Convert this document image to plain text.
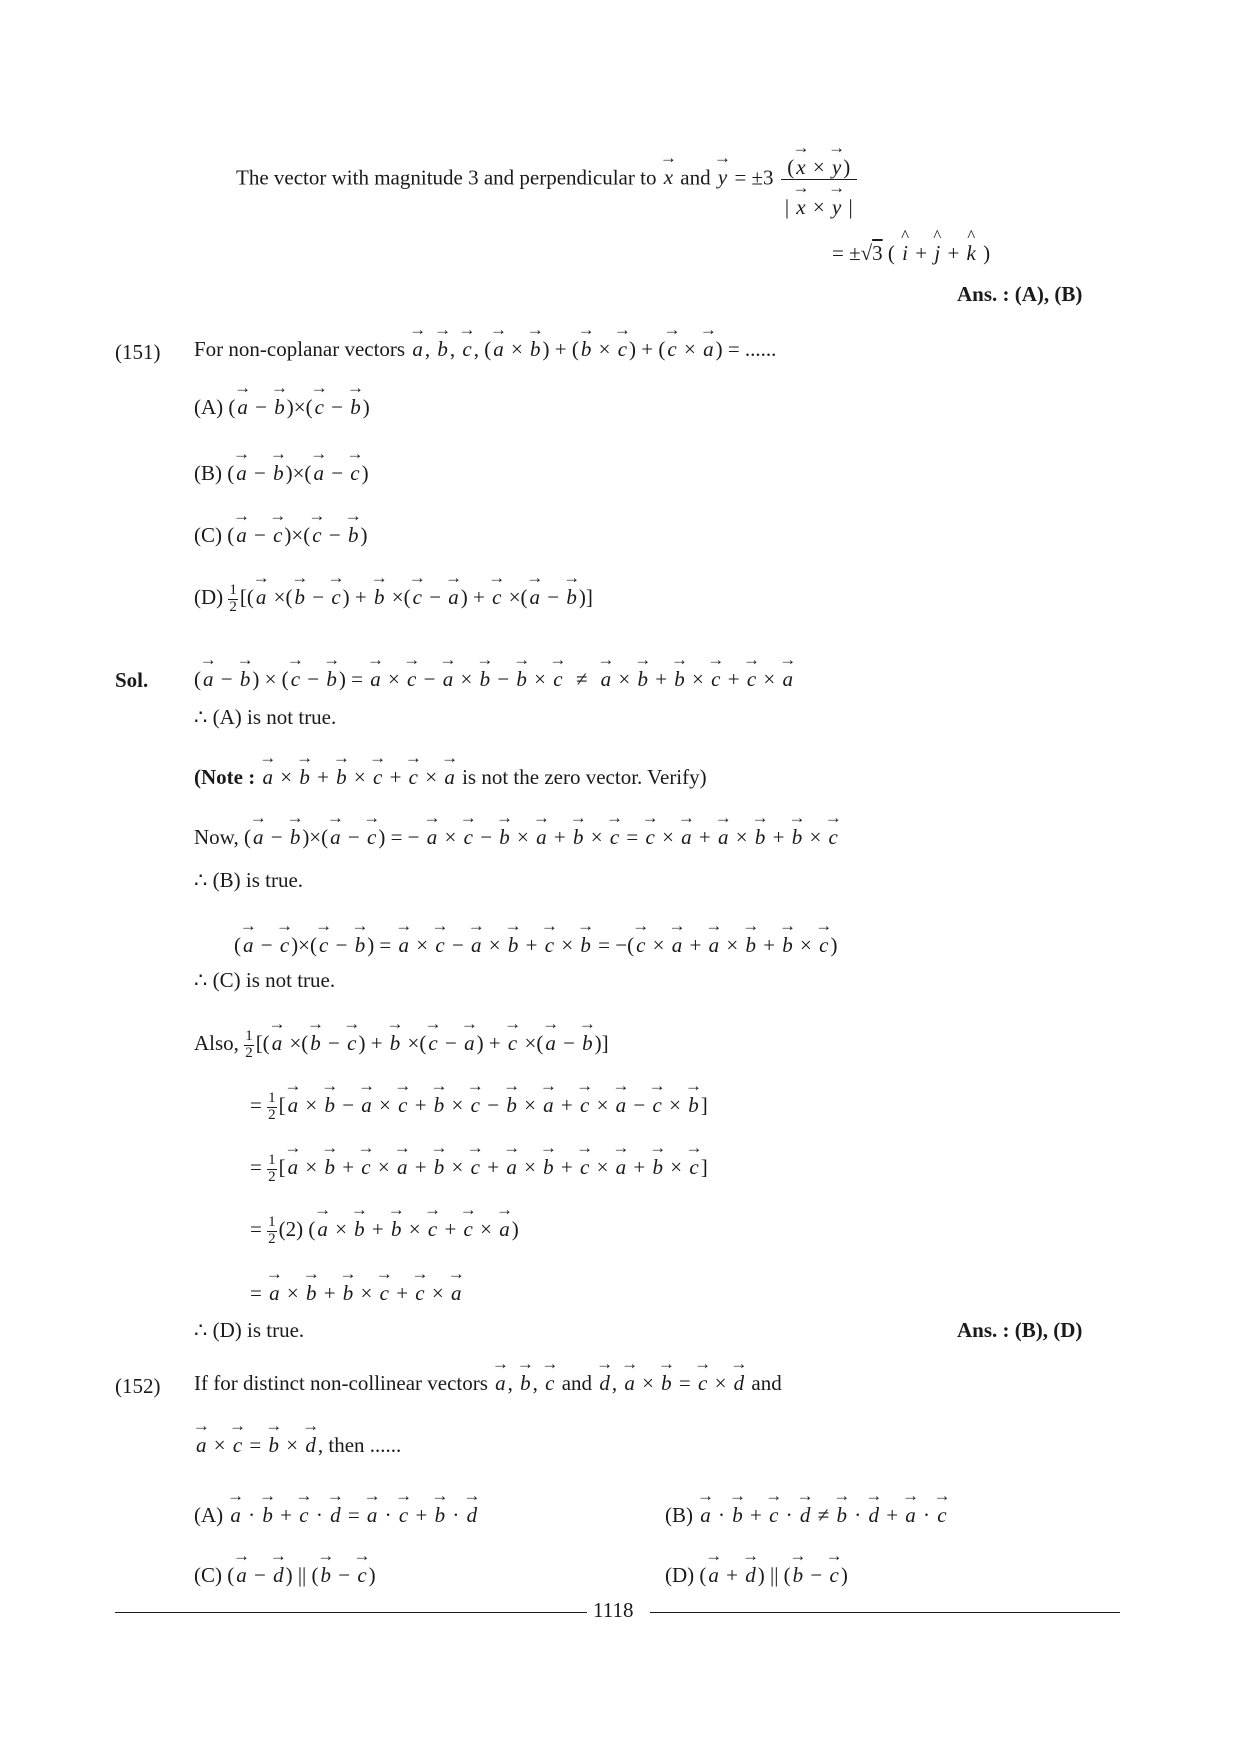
The vector with magnitude 3 and perpendicular to → x and → $y = \pm 3 \frac{(\to x \times \to y)}{| \to x \times \to y |}$
= ±√3 ( ^ i + ^ j + ^ k )
Ans. : (A), (B)
(151) For non-coplanar vectors → a, → b, → c, (→ a × → b) + (→ b × → c) + (→ c × → a) = ......
(A) (→ a − → b)×(→ c − → b)
(B) (→ a − → b)×(→ a − → c)
(C) (→ a − → c)×(→ c − → b)
$(D) \frac{1}{2}$ [(→ a ×(→ b − → c) + → b ×(→ c − → a) + → c ×(→ a − → b)]
Sol. (→ a − → b) × (→ c − → b) = → a × → c − → a × → b − → b × → c ≠ → a × → b + → b × → c + → c × → a
∴ (A) is not true.
(Note : → a × → b + → b × → c + → c × → a is not the zero vector. Verify)
Now, (→ a − → b)×(→ a − → c) = − → a × → c − → b × → a + → b × → c = → c × → a + → a × → b + → b × → c
∴ (B) is true.
(→ a − → c)×(→ c − → b) = → a × → c − → a × → b + → c × → b = −(→ c × → a + → a × → b + → b × → c)
∴ (C) is not true.
Also, $\frac{1}{2}$ [(→ a ×(→ b − → c) + → b ×(→ c − → a) + → c ×(→ a − → b)]
= $\frac{1}{2}$ [→ a × → b − → a × → c + → b × → c − → b × → a + → c × → a − → c × → b]
= $\frac{1}{2}$ [→ a × → b + → c × → a + → b × → c + → a × → b + → c × → a + → b × → c]
= $\frac{1}{2} (2)$ (→ a × → b + → b × → c + → c × → a)
= → a × → b + → b × → c + → c × → a
∴ (D) is true.	Ans. : (B), (D)
(152) If for distinct non-collinear vectors → a, → b, → c and → d, → a × → b = → c × → d and
→ a × → c = → b × → d, then ......
(A) → a · → b + → c · → d = → a · → c + → b · → d	(B) → a · → b + → c · → d ≠ → b · → d + → a · → c
(C) (→ a − → d) || (→ b − → c)	(D) (→ a + → d) || (→ b − → c)
1118
